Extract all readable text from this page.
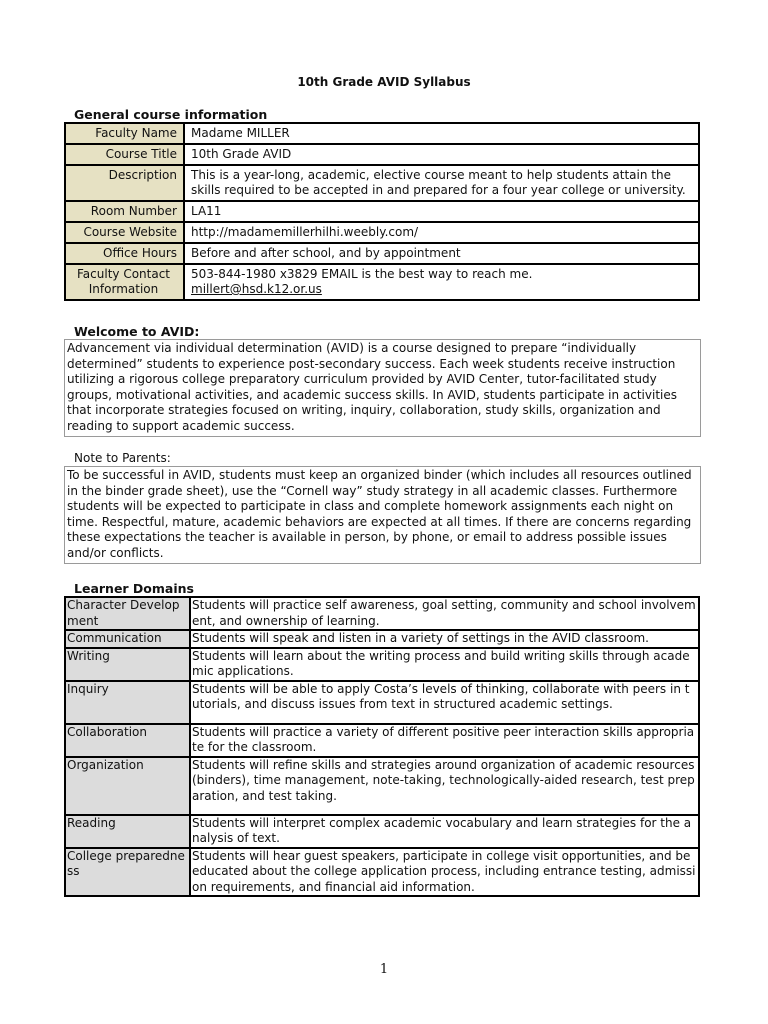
10th Grade AVID Syllabus
General course information
Faculty Name	Madame MILLER
Course Title	10th Grade AVID
Description	This is a year-long, academic, elective course meant to help students attain the skills required to be accepted in and prepared for a four year college or university.
Room Number	LA11
Course Website	http://madamemillerhilhi.weebly.com/
Office Hours	Before and after school, and by appointment
Faculty Contact Information	503-844-1980 x3829 EMAIL is the best way to reach me.
millert@hsd.k12.or.us
Welcome to AVID:
Advancement via individual determination (AVID) is a course designed to prepare “individually determined” students to experience post-secondary success. Each week students receive instruction utilizing a rigorous college preparatory curriculum provided by AVID Center, tutor-facilitated study groups, motivational activities, and academic success skills. In AVID, students participate in activities that incorporate strategies focused on writing, inquiry, collaboration, study skills, organization and reading to support academic success.
Note to Parents:
To be successful in AVID, students must keep an organized binder (which includes all resources outlined in the binder grade sheet), use the “Cornell way” study strategy in all academic classes. Furthermore students will be expected to participate in class and complete homework assignments each night on time. Respectful, mature, academic behaviors are expected at all times. If there are concerns regarding these expectations the teacher is available in person, by phone, or email to address possible issues and/or conflicts.
Learner Domains
Character Development	Students will practice self awareness, goal setting, community and school involvement, and ownership of learning.
Communication	Students will speak and listen in a variety of settings in the AVID classroom.
Writing	Students will learn about the writing process and build writing skills through academic applications.
Inquiry	Students will be able to apply Costa’s levels of thinking, collaborate with peers in tutorials, and discuss issues from text in structured academic settings.
Collaboration	Students will practice a variety of different positive peer interaction skills appropriate for the classroom.
Organization	Students will refine skills and strategies around organization of academic resources (binders), time management, note-taking, technologically-aided research, test preparation, and test taking.
Reading	Students will interpret complex academic vocabulary and learn strategies for the analysis of text.
College preparedness	Students will hear guest speakers, participate in college visit opportunities, and be educated about the college application process, including entrance testing, admission requirements, and financial aid information.
1
